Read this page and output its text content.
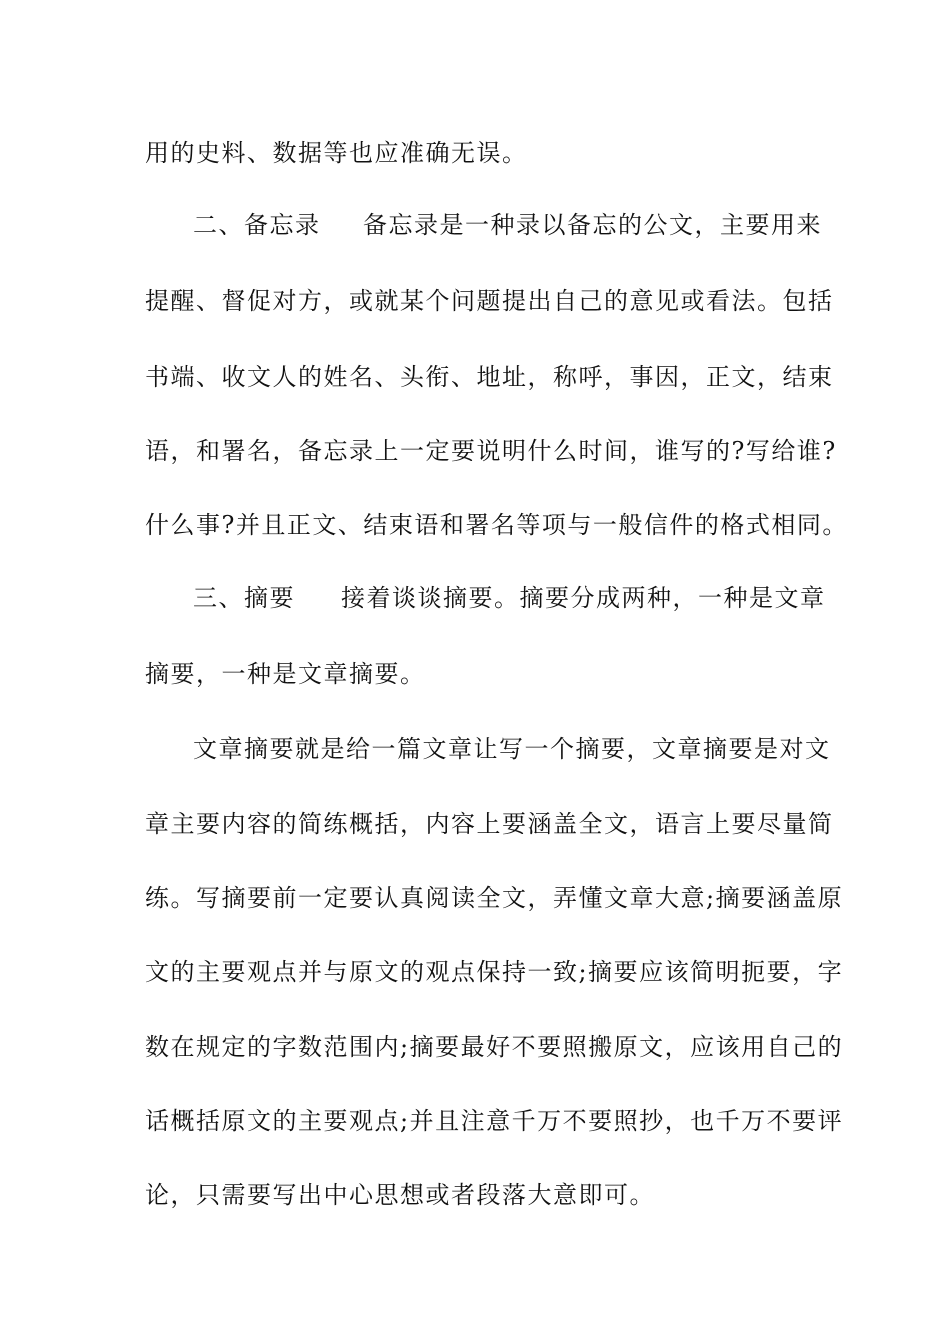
用的史料、数据等也应准确无误。
二、备忘录 备忘录是一种录以备忘的公文，主要用来
提醒、督促对方，或就某个问题提出自己的意见或看法。包括
书端、收文人的姓名、头衔、地址，称呼，事因，正文，结束
语，和署名，备忘录上一定要说明什么时间，谁写的?写给谁?
什么事?并且正文、结束语和署名等项与一般信件的格式相同。
三、摘要 接着谈谈摘要。摘要分成两种，一种是文章
摘要，一种是文章摘要。
文章摘要就是给一篇文章让写一个摘要，文章摘要是对文
章主要内容的简练概括，内容上要涵盖全文，语言上要尽量简
练。写摘要前一定要认真阅读全文，弄懂文章大意;摘要涵盖原
文的主要观点并与原文的观点保持一致;摘要应该简明扼要，字
数在规定的字数范围内;摘要最好不要照搬原文，应该用自己的
话概括原文的主要观点;并且注意千万不要照抄，也千万不要评
论，只需要写出中心思想或者段落大意即可。
